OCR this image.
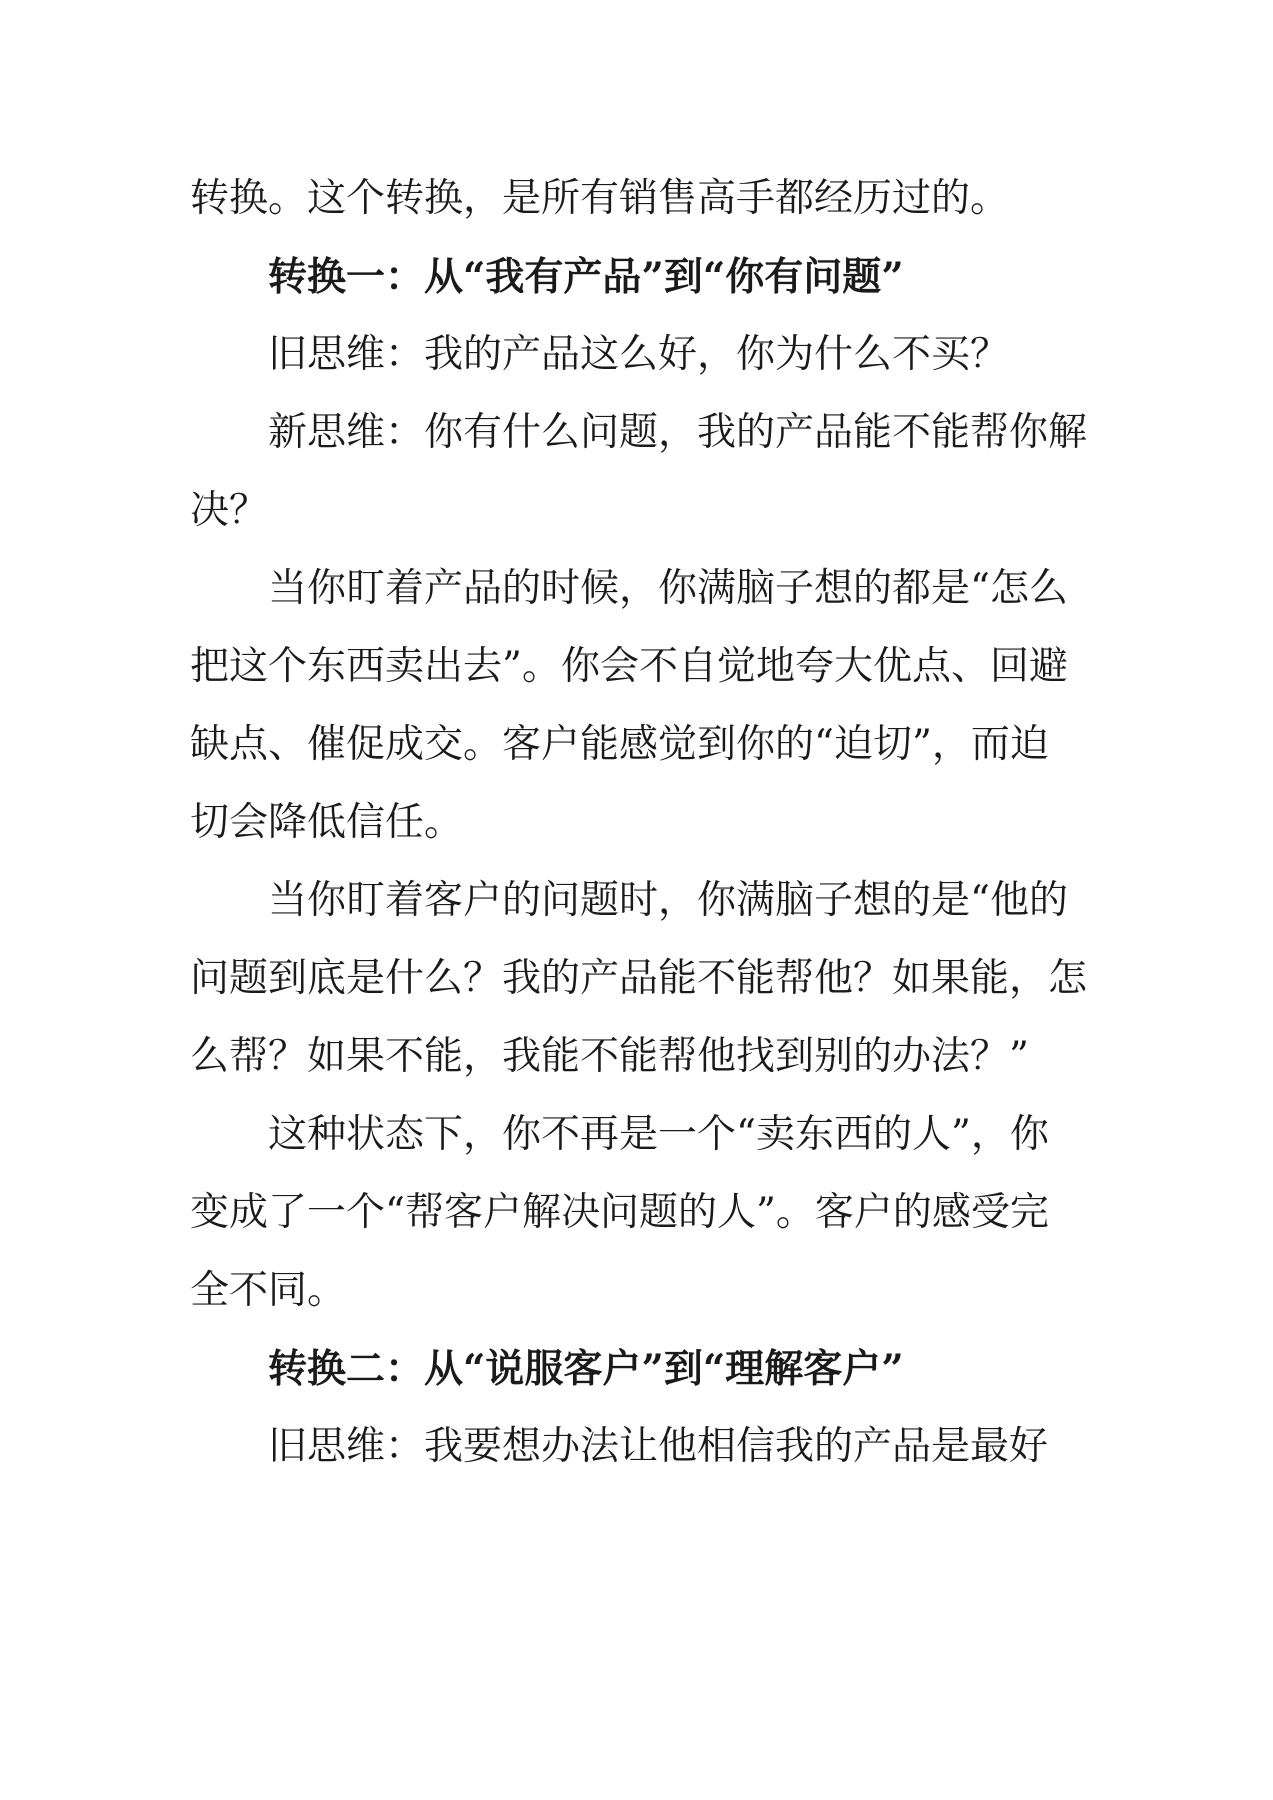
转换。这个转换，是所有销售高手都经历过的。
转换一：从“我有产品”到“你有问题”
旧思维：我的产品这么好，你为什么不买？
新思维：你有什么问题，我的产品能不能帮你解
决？
当你盯着产品的时候，你满脑子想的都是“怎么
把这个东西卖出去”。你会不自觉地夸大优点、回避
缺点、催促成交。客户能感觉到你的“迫切”，而迫
切会降低信任。
当你盯着客户的问题时，你满脑子想的是“他的
问题到底是什么？我的产品能不能帮他？如果能，怎
么帮？如果不能，我能不能帮他找到别的办法？”
这种状态下，你不再是一个“卖东西的人”，你
变成了一个“帮客户解决问题的人”。客户的感受完
全不同。
转换二：从“说服客户”到“理解客户”
旧思维：我要想办法让他相信我的产品是最好
